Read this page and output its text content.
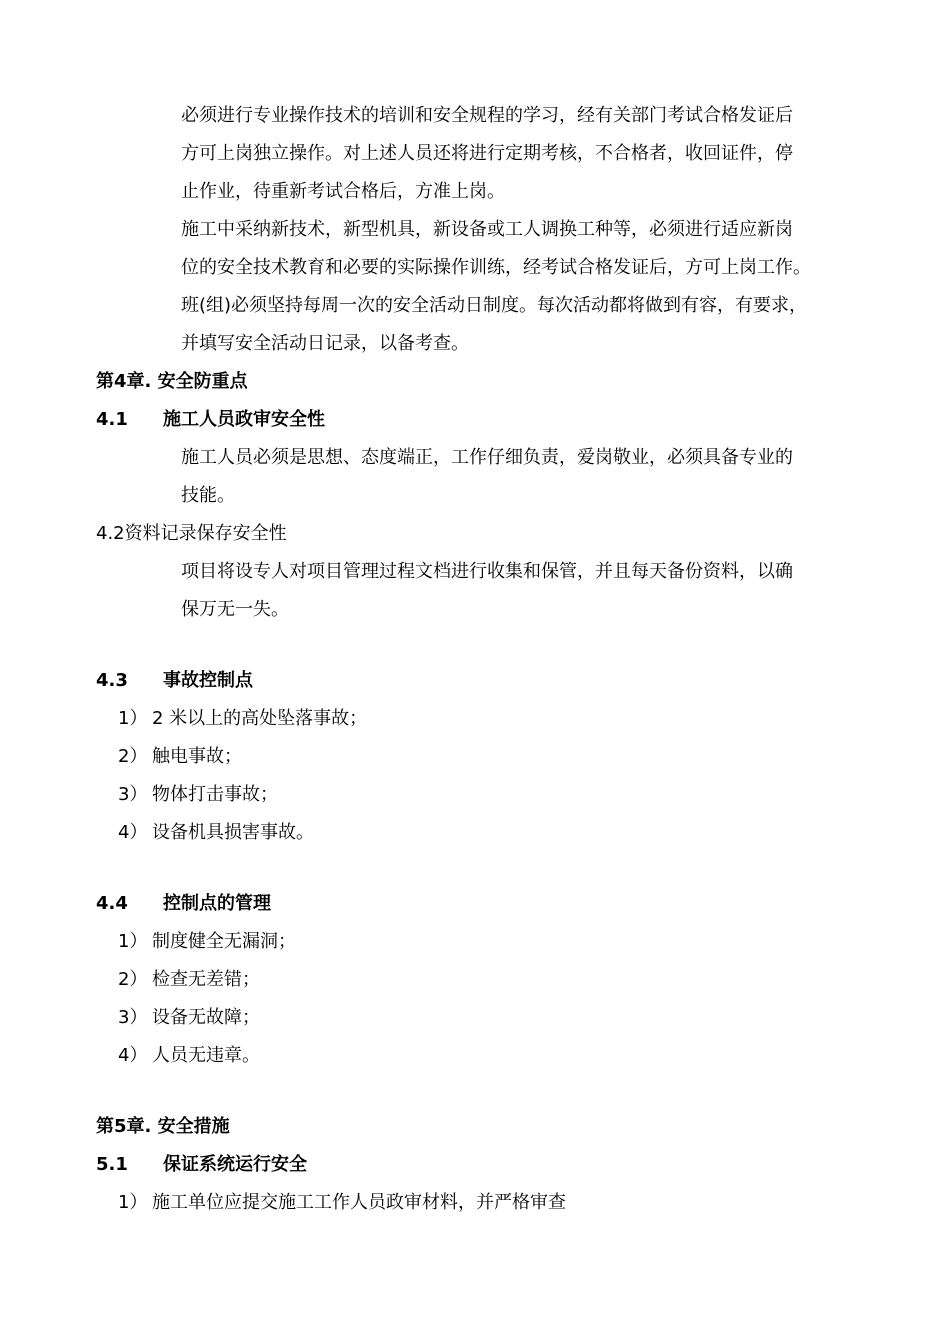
必须进行专业操作技术的培训和安全规程的学习，经有关部门考试合格发证后
方可上岗独立操作。对上述人员还将进行定期考核，不合格者，收回证件，停
止作业，待重新考试合格后，方准上岗。
施工中采纳新技术，新型机具，新设备或工人调换工种等，必须进行适应新岗
位的安全技术教育和必要的实际操作训练，经考试合格发证后，方可上岗工作。
班(组)必须坚持每周一次的安全活动日制度。每次活动都将做到有容，有要求，
并填写安全活动日记录，以备考查。
第4章. 安全防重点
4.1 施工人员政审安全性
施工人员必须是思想、态度端正，工作仔细负责，爱岗敬业，必须具备专业的
技能。
4.2资料记录保存安全性
项目将设专人对项目管理过程文档进行收集和保管，并且每天备份资料，以确
保万无一失。
4.3 事故控制点
1） 2 米以上的高处坠落事故；
2） 触电事故；
3） 物体打击事故；
4） 设备机具损害事故。
4.4 控制点的管理
1） 制度健全无漏洞；
2） 检查无差错；
3） 设备无故障；
4） 人员无违章。
第5章. 安全措施
5.1 保证系统运行安全
1） 施工单位应提交施工工作人员政审材料，并严格审查
